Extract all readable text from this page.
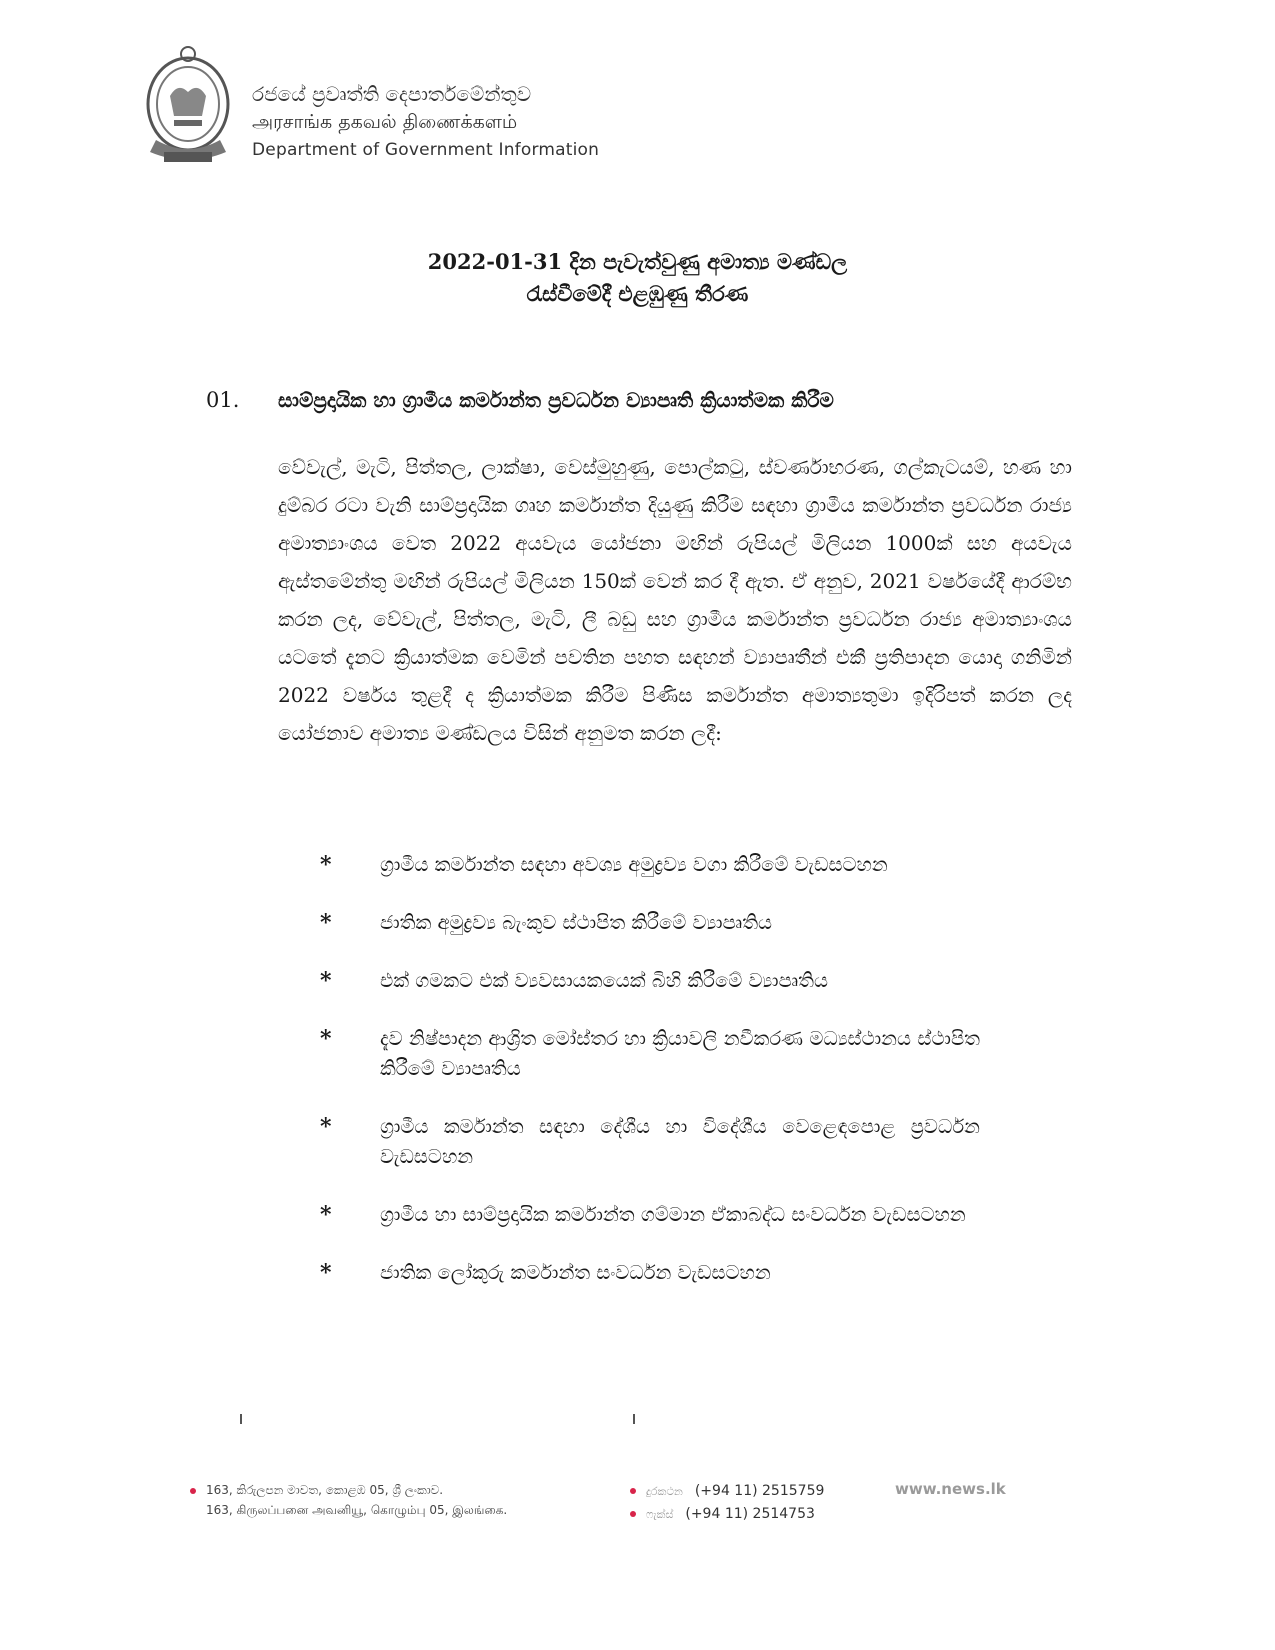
රජයේ ප්‍රවෘත්ති දෙපාර්තමේන්තුව
அரசாங்க தகவல் திணைக்களம்
Department of Government Information
2022-01-31 දින පැවැත්වුණු අමාත්‍ය මණ්ඩල
රැස්වීමේදී එළඹුණු තීරණ
01. සාම්ප්‍රදායික හා ග්‍රාමීය කර්මාන්ත ප්‍රවර්ධන ව්‍යාපෘති ක්‍රියාත්මක කිරීම
වේවැල්, මැටි, පිත්තල, ලාක්ෂා, වෙස්මුහුණු, පොල්කටු, ස්වර්ණාභරණ, ගල්කැටයම්, හණ හා දුම්බර රටා වැනි සාම්ප්‍රදායික ගෘහ කර්මාන්ත දියුණු කිරීම සඳහා ග්‍රාමීය කර්මාන්ත ප්‍රවර්ධන රාජ්‍ය අමාත්‍යාංශය වෙත 2022 අයවැය යෝජනා මඟින් රුපියල් මිලියන 1000ක් සහ අයවැය ඇස්තමේන්තු මඟින් රුපියල් මිලියන 150ක් වෙන් කර දී ඇත. ඒ අනුව, 2021 වර්ෂයේදී ආරම්භ කරන ලද, වේවැල්, පිත්තල, මැටි, ලී බඩු සහ ග්‍රාමීය කර්මාන්ත ප්‍රවර්ධන රාජ්‍ය අමාත්‍යාංශය යටතේ දැනට ක්‍රියාත්මක වෙමින් පවතින පහත සඳහන් ව්‍යාපෘතීන් එකී ප්‍රතිපාදන යොදා ගනිමින් 2022 වර්ෂය තුළදී ද ක්‍රියාත්මක කිරීම පිණිස කර්මාන්ත අමාත්‍යතුමා ඉදිරිපත් කරන ලද යෝජනාව අමාත්‍ය මණ්ඩලය විසින් අනුමත කරන ලදී:
* ග්‍රාමීය කර්මාන්ත සඳහා අවශ්‍ය අමුද්‍රව්‍ය වගා කිරීමේ වැඩසටහන
* ජාතික අමුද්‍රව්‍ය බැංකුව ස්ථාපිත කිරීමේ ව්‍යාපෘතිය
* එක් ගමකට එක් ව්‍යවසායකයෙක් බිහි කිරීමේ ව්‍යාපෘතිය
* දැව නිෂ්පාදන ආශ්‍රිත මෝස්තර හා ක්‍රියාවලි නවීකරණ මධ්‍යස්ථානය ස්ථාපිත කිරීමේ ව්‍යාපෘතිය
* ග්‍රාමීය කර්මාන්ත සඳහා දේශීය හා විදේශීය වෙළෙඳපොළ ප්‍රවර්ධන වැඩසටහන
* ග්‍රාමීය හා සාම්ප්‍රදායික කර්මාන්ත ගම්මාන ඒකාබද්ධ සංවර්ධන වැඩසටහන
* ජාතික ලෝකුරු කර්මාන්ත සංවර්ධන වැඩසටහන
163, කිරුලපන මාවත, කොළඹ 05, ශ්‍රී ලංකාව.
163, கிருலப்பனை அவனியூ, கொழும்பு 05, இலங்கை.
දුරකථන (+94 11) 2515759
ෆැක්ස් (+94 11) 2514753
www.news.lk
